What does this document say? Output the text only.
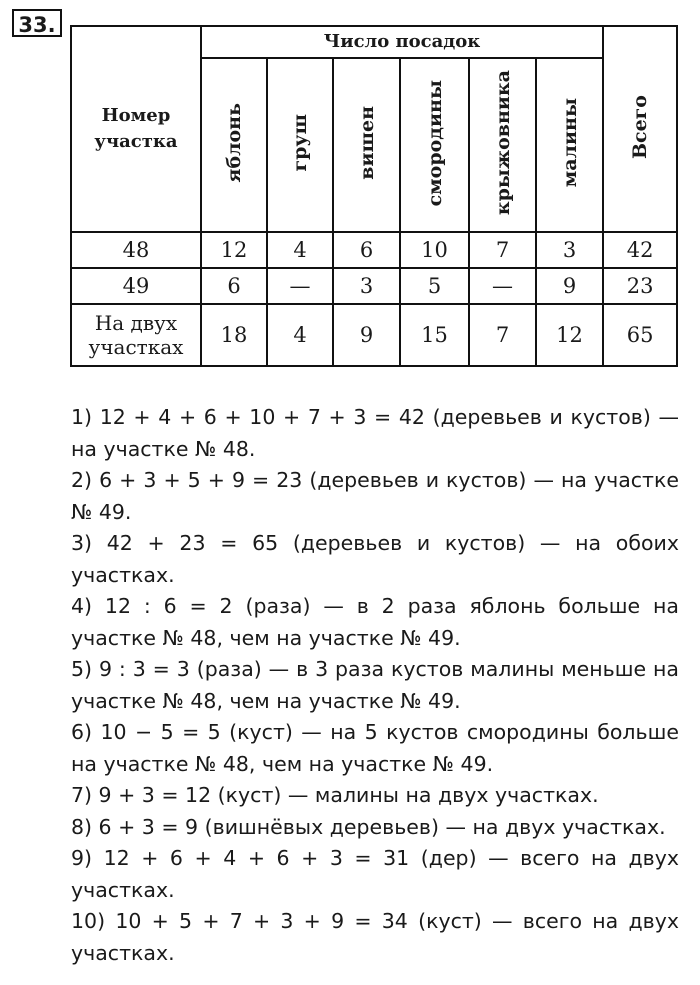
33.
Номер участка	Число посадок						Всего
	яблонь	груш	вишен	смородины	крыжовника	малины	
48	12	4	6	10	7	3	42
49	6	—	3	5	—	9	23
На двух участках	18	4	9	15	7	12	65

1) 12 + 4 + 6 + 10 + 7 + 3 = 42 (деревьев и кустов) — на участке № 48.

2) 6 + 3 + 5 + 9 = 23 (деревьев и кустов) — на участке № 49.

3) 42 + 23 = 65 (деревьев и кустов) — на обоих участках.

4) 12 : 6 = 2 (раза) — в 2 раза яблонь больше на участке № 48, чем на участке № 49.

5) 9 : 3 = 3 (раза) — в 3 раза кустов малины меньше на участке № 48, чем на участке № 49.

6) 10 − 5 = 5 (куст) — на 5 кустов смородины больше на участке № 48, чем на участке № 49.

7) 9 + 3 = 12 (куст) — малины на двух участках.

8) 6 + 3 = 9 (вишнёвых деревьев) — на двух участках.

9) 12 + 6 + 4 + 6 + 3 = 31 (дер) — всего на двух участках.

10) 10 + 5 + 7 + 3 + 9 = 34 (куст) — всего на двух участках.
